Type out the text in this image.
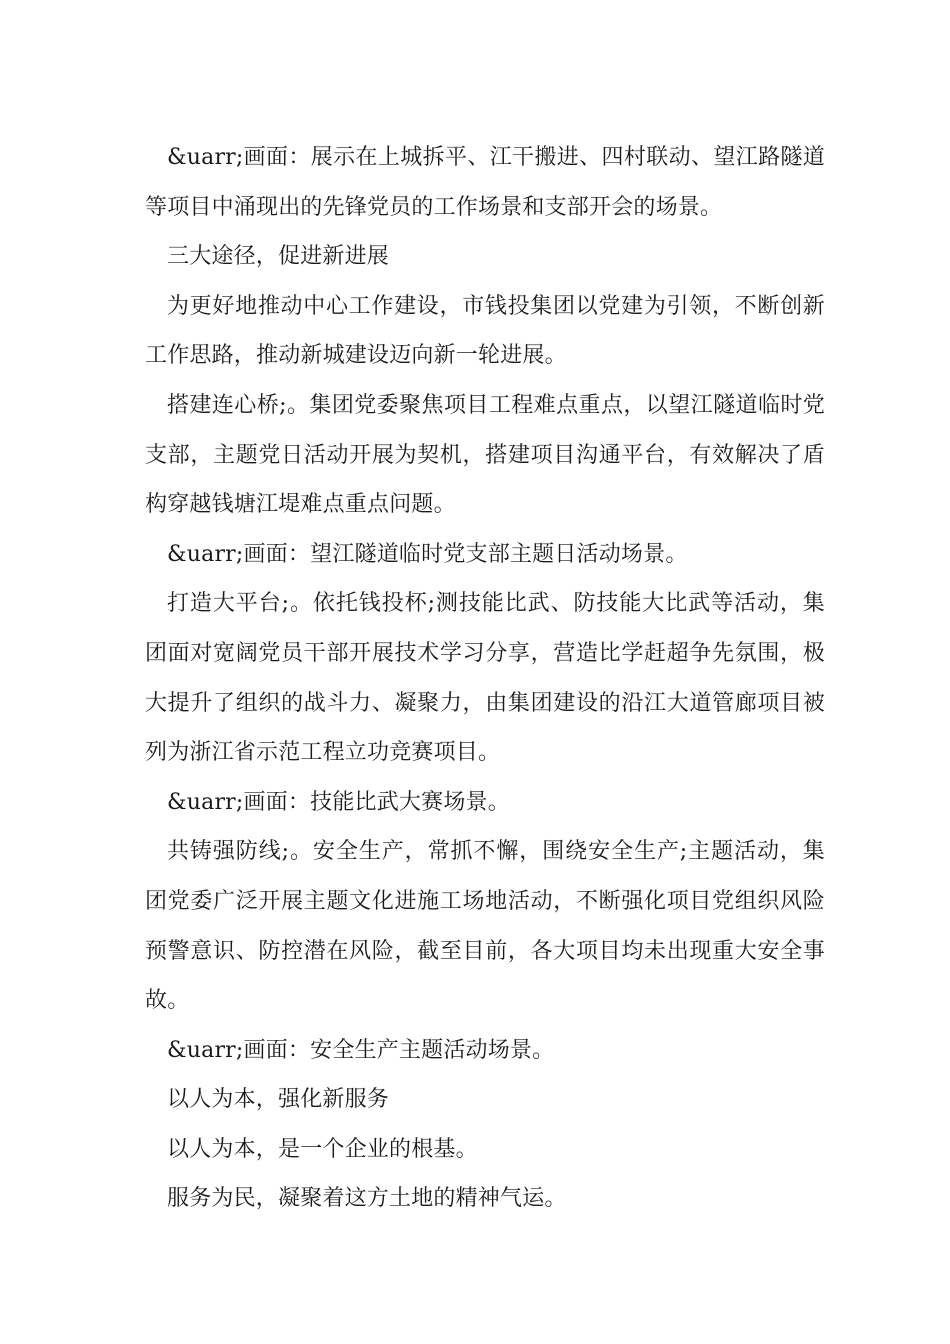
&uarr;画面：展示在上城拆平、江干搬进、四村联动、望江路隧道等项目中涌现出的先锋党员的工作场景和支部开会的场景。

三大途径，促进新进展

为更好地推动中心工作建设，市钱投集团以党建为引领，不断创新工作思路，推动新城建设迈向新一轮进展。

搭建连心桥;。集团党委聚焦项目工程难点重点，以望江隧道临时党支部，主题党日活动开展为契机，搭建项目沟通平台，有效解决了盾构穿越钱塘江堤难点重点问题。

&uarr;画面：望江隧道临时党支部主题日活动场景。

打造大平台;。依托钱投杯;测技能比武、防技能大比武等活动，集团面对宽阔党员干部开展技术学习分享，营造比学赶超争先氛围，极大提升了组织的战斗力、凝聚力，由集团建设的沿江大道管廊项目被列为浙江省示范工程立功竞赛项目。

&uarr;画面：技能比武大赛场景。

共铸强防线;。安全生产，常抓不懈，围绕安全生产;主题活动，集团党委广泛开展主题文化进施工场地活动，不断强化项目党组织风险预警意识、防控潜在风险，截至目前，各大项目均未出现重大安全事故。

&uarr;画面：安全生产主题活动场景。

以人为本，强化新服务

以人为本，是一个企业的根基。

服务为民，凝聚着这方土地的精神气运。
